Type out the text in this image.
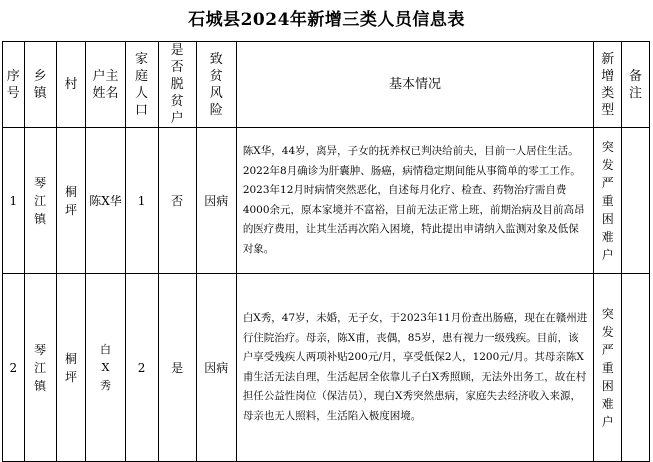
石城县2024年新增三类人员信息表
序号	乡镇	村	户主姓名	家庭人口	是否脱贫户	致贫风险	基本情况	新增类型	备注
1	琴江镇	桐坪	陈X华	1	否	因病	陈X华，44岁，离异，子女的抚养权已判决给前夫，目前一人居住生活。2022年8月确诊为肝囊肿、肠癌，病情稳定期间能从事简单的零工工作。2023年12月时病情突然恶化，自述每月化疗、检查、药物治疗需自费4000余元，原本家境并不富裕，目前无法正常上班，前期治病及目前高昂的医疗费用，让其生活再次陷入困境，特此提出申请纳入监测对象及低保对象。	突发严重困难户	
2	琴江镇	桐坪	白X秀	2	是	因病	白X秀，47岁，未婚，无子女，于2023年11月份查出肠癌，现在在赣州进行住院治疗。母亲，陈X甫，丧偶，85岁，患有视力一级残疾。目前，该户享受残疾人两项补贴200元/月，享受低保2人，1200元/月。其母亲陈X甫生活无法自理，生活起居全依靠儿子白X秀照顾，无法外出务工，故在村担任公益性岗位（保洁员），现白X秀突然患病，家庭失去经济收入来源，母亲也无人照料，生活陷入极度困境。	突发严重困难户	
